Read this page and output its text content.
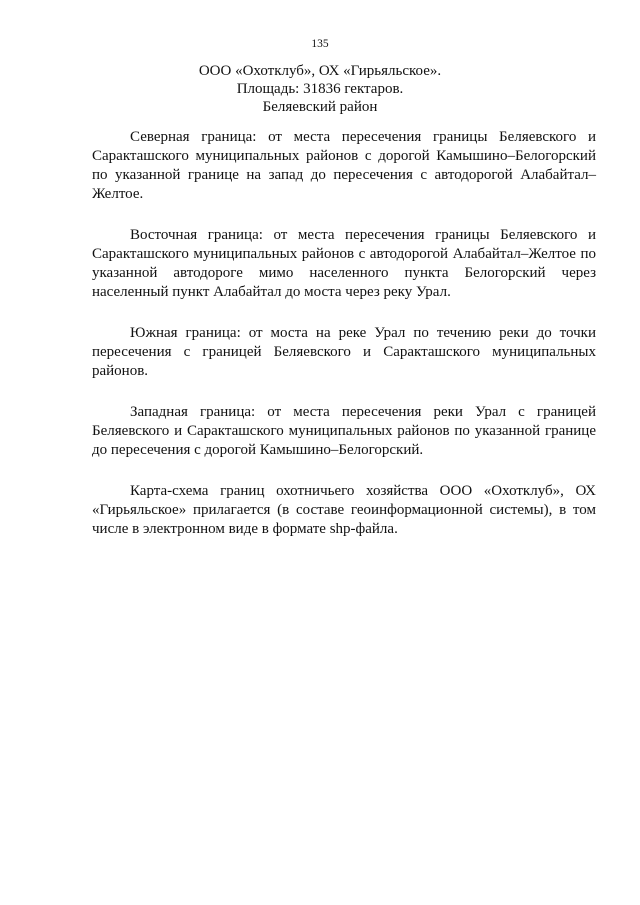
135
ООО «Охотклуб», ОХ «Гирьяльское».
Площадь: 31836 гектаров.
Беляевский район

Северная граница: от места пересечения границы Беляевского и Саракташского муниципальных районов с дорогой Камышино–Белогорский по указанной границе на запад до пересечения с автодорогой Алабайтал–Желтое.

Восточная граница: от места пересечения границы Беляевского и Саракташского муниципальных районов с автодорогой Алабайтал–Желтое по указанной автодороге мимо населенного пункта Белогорский через населенный пункт Алабайтал до моста через реку Урал.

Южная граница: от моста на реке Урал по течению реки до точки пересечения с границей Беляевского и Саракташского муниципальных районов.

Западная граница: от места пересечения реки Урал с границей Беляевского и Саракташского муниципальных районов по указанной границе до пересечения с дорогой Камышино–Белогорский.

Карта-схема границ охотничьего хозяйства ООО «Охотклуб», ОХ «Гирьяльское» прилагается (в составе геоинформационной системы), в том числе в электронном виде в формате shp-файла.
